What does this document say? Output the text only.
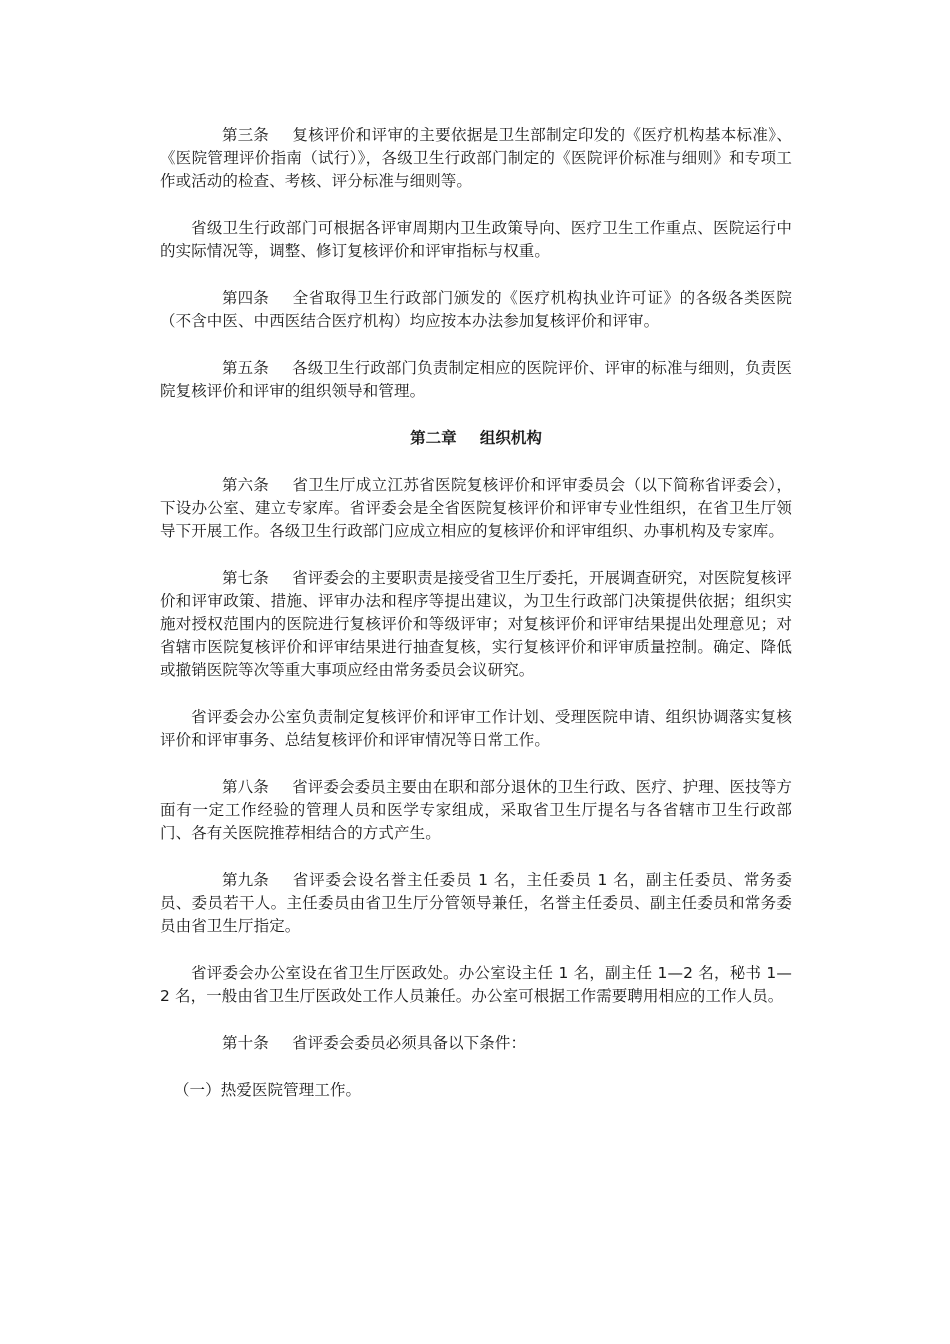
第三条 复核评价和评审的主要依据是卫生部制定印发的《医疗机构基本标准》、《医院管理评价指南（试行）》，各级卫生行政部门制定的《医院评价标准与细则》和专项工作或活动的检查、考核、评分标准与细则等。

省级卫生行政部门可根据各评审周期内卫生政策导向、医疗卫生工作重点、医院运行中的实际情况等，调整、修订复核评价和评审指标与权重。

第四条 全省取得卫生行政部门颁发的《医疗机构执业许可证》的各级各类医院（不含中医、中西医结合医疗机构）均应按本办法参加复核评价和评审。

第五条 各级卫生行政部门负责制定相应的医院评价、评审的标准与细则，负责医院复核评价和评审的组织领导和管理。

第二章 组织机构

第六条 省卫生厅成立江苏省医院复核评价和评审委员会（以下简称省评委会），下设办公室、建立专家库。省评委会是全省医院复核评价和评审专业性组织，在省卫生厅领导下开展工作。各级卫生行政部门应成立相应的复核评价和评审组织、办事机构及专家库。

第七条 省评委会的主要职责是接受省卫生厅委托，开展调查研究，对医院复核评价和评审政策、措施、评审办法和程序等提出建议，为卫生行政部门决策提供依据；组织实施对授权范围内的医院进行复核评价和等级评审；对复核评价和评审结果提出处理意见；对省辖市医院复核评价和评审结果进行抽查复核，实行复核评价和评审质量控制。确定、降低或撤销医院等次等重大事项应经由常务委员会议研究。

省评委会办公室负责制定复核评价和评审工作计划、受理医院申请、组织协调落实复核评价和评审事务、总结复核评价和评审情况等日常工作。

第八条 省评委会委员主要由在职和部分退休的卫生行政、医疗、护理、医技等方面有一定工作经验的管理人员和医学专家组成，采取省卫生厅提名与各省辖市卫生行政部门、各有关医院推荐相结合的方式产生。

第九条 省评委会设名誉主任委员 1 名，主任委员 1 名，副主任委员、常务委员、委员若干人。主任委员由省卫生厅分管领导兼任，名誉主任委员、副主任委员和常务委员由省卫生厅指定。

省评委会办公室设在省卫生厅医政处。办公室设主任 1 名，副主任 1—2 名，秘书 1—2 名，一般由省卫生厅医政处工作人员兼任。办公室可根据工作需要聘用相应的工作人员。

第十条 省评委会委员必须具备以下条件：

（一）热爱医院管理工作。
